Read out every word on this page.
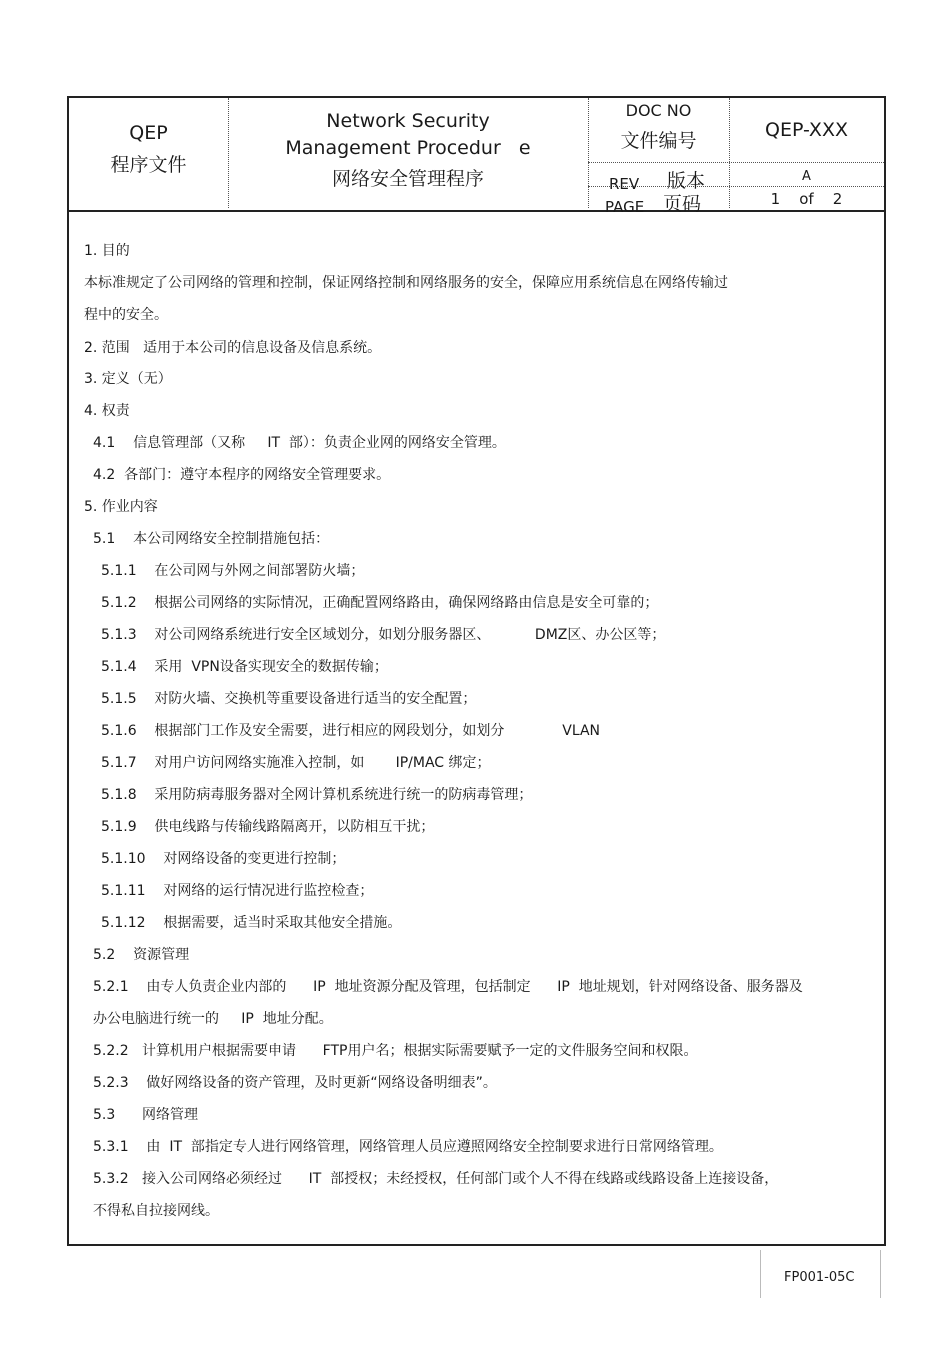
QEP
程序文件
Network Security
Management Procedur   e
网络安全管理程序
DOC NO
文件编号	QEP-XXX
REV 版本	A
PAGE 页码	1    of    2
1. 目的
本标准规定了公司网络的管理和控制，保证网络控制和网络服务的安全，保障应用系统信息在网络传输过
程中的安全。
2. 范围   适用于本公司的信息设备及信息系统。
3. 定义（无）
4. 权责
4.1    信息管理部（又称     IT  部）：负责企业网的网络安全管理。
4.2  各部门：遵守本程序的网络安全管理要求。
5. 作业内容
5.1    本公司网络安全控制措施包括：
5.1.1    在公司网与外网之间部署防火墙；
5.1.2    根据公司网络的实际情况，正确配置网络路由，确保网络路由信息是安全可靠的；
5.1.3    对公司网络系统进行安全区域划分，如划分服务器区、          DMZ区、办公区等；
5.1.4    采用  VPN设备实现安全的数据传输；
5.1.5    对防火墙、交换机等重要设备进行适当的安全配置；
5.1.6    根据部门工作及安全需要，进行相应的网段划分，如划分             VLAN
5.1.7    对用户访问网络实施准入控制，如       IP/MAC 绑定；
5.1.8    采用防病毒服务器对全网计算机系统进行统一的防病毒管理；
5.1.9    供电线路与传输线路隔离开，以防相互干扰；
5.1.10    对网络设备的变更进行控制；
5.1.11    对网络的运行情况进行监控检查；
5.1.12    根据需要，适当时采取其他安全措施。
5.2    资源管理
5.2.1    由专人负责企业内部的      IP  地址资源分配及管理，包括制定      IP  地址规划，针对网络设备、服务器及
办公电脑进行统一的     IP  地址分配。
5.2.2   计算机用户根据需要申请      FTP用户名；根据实际需要赋予一定的文件服务空间和权限。
5.2.3    做好网络设备的资产管理，及时更新“网络设备明细表”。
5.3      网络管理
5.3.1    由  IT  部指定专人进行网络管理，网络管理人员应遵照网络安全控制要求进行日常网络管理。
5.3.2   接入公司网络必须经过      IT  部授权；未经授权，任何部门或个人不得在线路或线路设备上连接设备，
不得私自拉接网线。
FP001-05C
